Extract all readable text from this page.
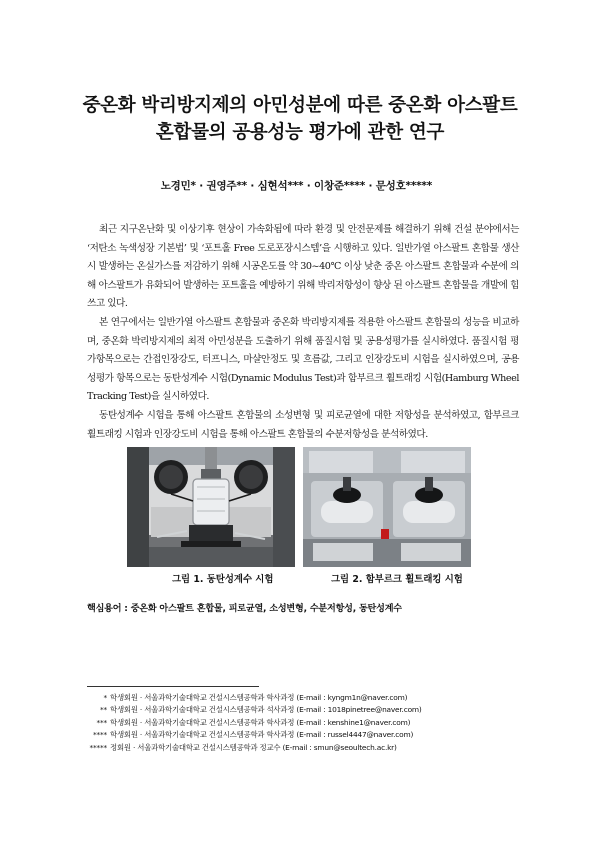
중온화 박리방지제의 아민성분에 따른 중온화 아스팔트
혼합물의 공용성능 평가에 관한 연구
노경민* · 권영주** · 심현석*** · 이창준**** · 문성호*****

최근 지구온난화 및 이상기후 현상이 가속화됨에 따라 환경 및 안전문제를 해결하기 위해 건설 분야에서는 ‘저탄소 녹색성장 기본법’ 및 ‘포트홀 Free 도로포장시스템’을 시행하고 있다. 일반가열 아스팔트 혼합물 생산 시 발생하는 온실가스를 저감하기 위해 시공온도를 약 30~40℃ 이상 낮춘 중온 아스팔트 혼합물과 수분에 의해 아스팔트가 유화되어 발생하는 포트홀을 예방하기 위해 박리저항성이 향상 된 아스팔트 혼합물을 개발에 힘쓰고 있다.

본 연구에서는 일반가열 아스팔트 혼합물과 중온화 박리방지제를 적용한 아스팔트 혼합물의 성능을 비교하며, 중온화 박리방지제의 최적 아민성분을 도출하기 위해 품질시험 및 공용성평가를 실시하였다. 품질시험 평가항목으로는 간접인장강도, 터프니스, 마샬안정도 및 흐름값, 그리고 인장강도비 시험을 실시하였으며, 공용성평가 항목으로는 동탄성계수 시험(Dynamic Modulus Test)과 함부르크 휠트래킹 시험(Hamburg Wheel Tracking Test)을 실시하였다.

동탄성계수 시험을 통해 아스팔트 혼합물의 소성변형 및 피로균열에 대한 저항성을 분석하였고, 함부르크 휠트래킹 시험과 인장강도비 시험을 통해 아스팔트 혼합물의 수분저항성을 분석하였다.

그림 1. 동탄성계수 시험	그림 2. 함부르크 휠트래킹 시험
핵심용어 : 중온화 아스팔트 혼합물, 피로균열, 소성변형, 수분저항성, 동탄성계수
* 학생회원 · 서울과학기술대학교 건설시스템공학과 학사과정 (E-mail : kyngm1n@naver.com)
** 학생회원 · 서울과학기술대학교 건설시스템공학과 석사과정 (E-mail : 1018pinetree@naver.com)
*** 학생회원 · 서울과학기술대학교 건설시스템공학과 학사과정 (E-mail : kenshine1@naver.com)
**** 학생회원 · 서울과학기술대학교 건설시스템공학과 학사과정 (E-mail : russel4447@naver.com)
***** 정회원 · 서울과학기술대학교 건설시스템공학과 정교수 (E-mail : smun@seoultech.ac.kr)
